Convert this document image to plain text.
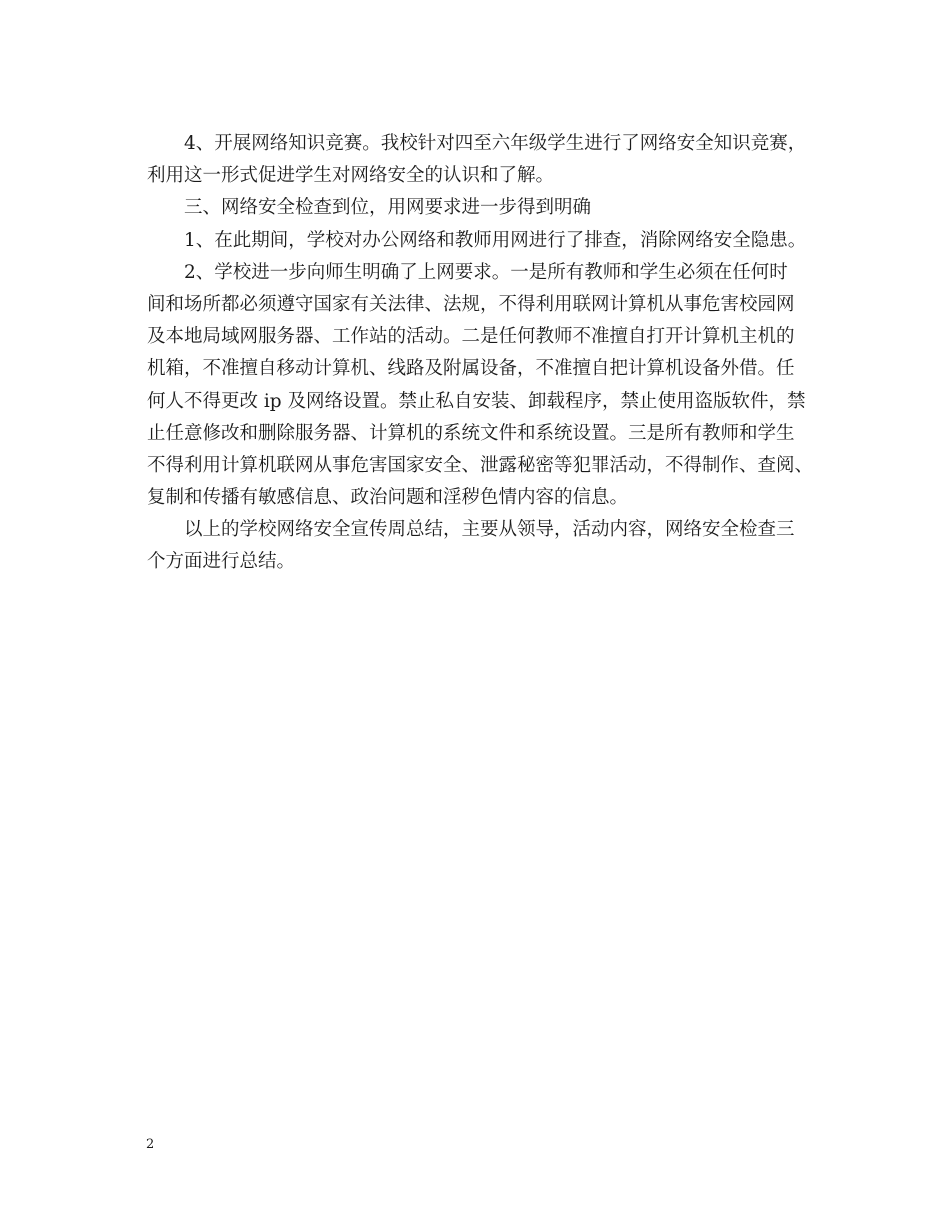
4、开展网络知识竞赛。我校针对四至六年级学生进行了网络安全知识竞赛，
利用这一形式促进学生对网络安全的认识和了解。

三、网络安全检查到位，用网要求进一步得到明确

1、在此期间，学校对办公网络和教师用网进行了排查，消除网络安全隐患。

2、学校进一步向师生明确了上网要求。一是所有教师和学生必须在任何时
间和场所都必须遵守国家有关法律、法规，不得利用联网计算机从事危害校园网
及本地局域网服务器、工作站的活动。二是任何教师不准擅自打开计算机主机的
机箱，不准擅自移动计算机、线路及附属设备，不准擅自把计算机设备外借。任
何人不得更改 ip 及网络设置。禁止私自安装、卸载程序，禁止使用盗版软件，禁
止任意修改和删除服务器、计算机的系统文件和系统设置。三是所有教师和学生
不得利用计算机联网从事危害国家安全、泄露秘密等犯罪活动，不得制作、查阅、
复制和传播有敏感信息、政治问题和淫秽色情内容的信息。

以上的学校网络安全宣传周总结，主要从领导，活动内容，网络安全检查三
个方面进行总结。

2
